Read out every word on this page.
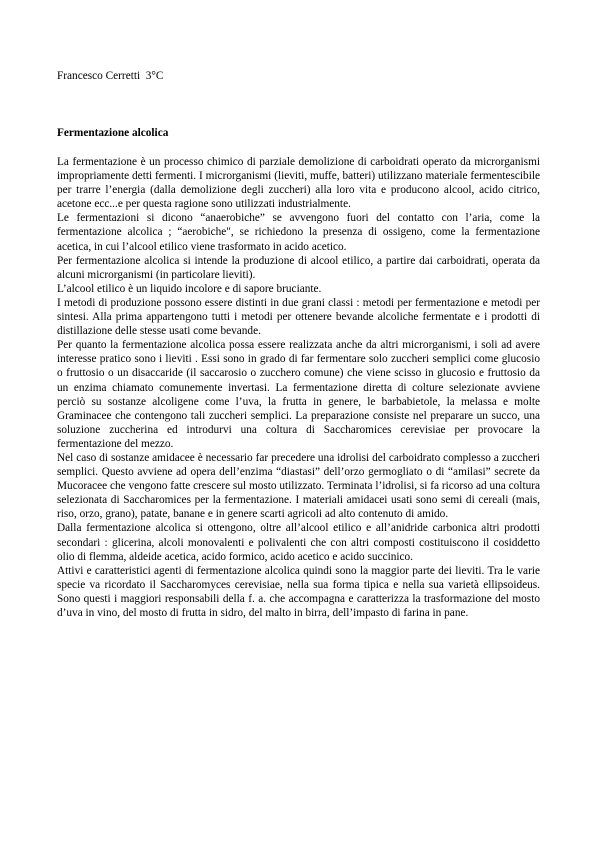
Francesco Cerretti  3°C
Fermentazione alcolica

La fermentazione è un processo chimico di parziale demolizione di carboidrati operato da microrganismi impropriamente detti fermenti. I microrganismi (lieviti, muffe, batteri) utilizzano materiale fermentescibile per trarre l’energia (dalla demolizione degli zuccheri) alla loro vita e producono alcool, acido citrico, acetone ecc...e per questa ragione sono utilizzati industrialmente.

Le fermentazioni si dicono “anaerobiche” se avvengono fuori del contatto con l’aria, come la fermentazione alcolica ; “aerobiche", se richiedono la presenza di ossigeno, come la fermentazione acetica, in cui l’alcool etilico viene trasformato in acido acetico.

Per fermentazione alcolica si intende la produzione di alcool etilico, a partire dai carboidrati, operata da alcuni microrganismi (in particolare lieviti).

L’alcool etilico è un liquido incolore e di sapore bruciante.

I metodi di produzione possono essere distinti in due grani classi : metodi per fermentazione e metodi per sintesi. Alla prima appartengono tutti i metodi per ottenere bevande alcoliche fermentate e i prodotti di distillazione delle stesse usati come bevande.

Per quanto la fermentazione alcolica possa essere realizzata anche da altri microrganismi, i soli ad avere interesse pratico sono i lieviti . Essi sono in grado di far fermentare solo zuccheri semplici come glucosio o fruttosio o un disaccaride (il saccarosio o zucchero comune) che viene scisso in glucosio e fruttosio da un enzima chiamato comunemente invertasi. La fermentazione diretta di colture selezionate avviene perciò su sostanze alcoligene come l’uva, la frutta in genere, le barbabietole, la melassa e molte Graminacee che contengono tali zuccheri semplici. La preparazione consiste nel preparare un succo, una soluzione zuccherina ed introdurvi una coltura di Saccharomices cerevisiae per provocare la fermentazione del mezzo.

Nel caso di sostanze amidacee è necessario far precedere una idrolisi del carboidrato complesso a zuccheri semplici. Questo avviene ad opera dell’enzima “diastasi” dell’orzo germogliato o di “amilasi” secrete da Mucoracee che vengono fatte crescere sul mosto utilizzato. Terminata l’idrolisi, si fa ricorso ad una coltura selezionata di Saccharomices per la fermentazione. I materiali amidacei usati sono semi di cereali (mais, riso, orzo, grano), patate, banane e in genere scarti agricoli ad alto contenuto di amido.

Dalla fermentazione alcolica si ottengono, oltre all’alcool etilico e all’anidride carbonica altri prodotti secondari : glicerina, alcoli monovalenti e polivalenti che con altri composti costituiscono il cosiddetto olio di flemma, aldeide acetica, acido formico, acido acetico e acido succinico.

Attivi e caratteristici agenti di fermentazione alcolica quindi sono la maggior parte dei lieviti. Tra le varie specie va ricordato il Saccharomyces cerevisiae, nella sua forma tipica e nella sua varietà ellipsoideus. Sono questi i maggiori responsabili della f. a. che accompagna e caratterizza la trasformazione del mosto d’uva in vino, del mosto di frutta in sidro, del malto in birra, dell’impasto di farina in pane.
